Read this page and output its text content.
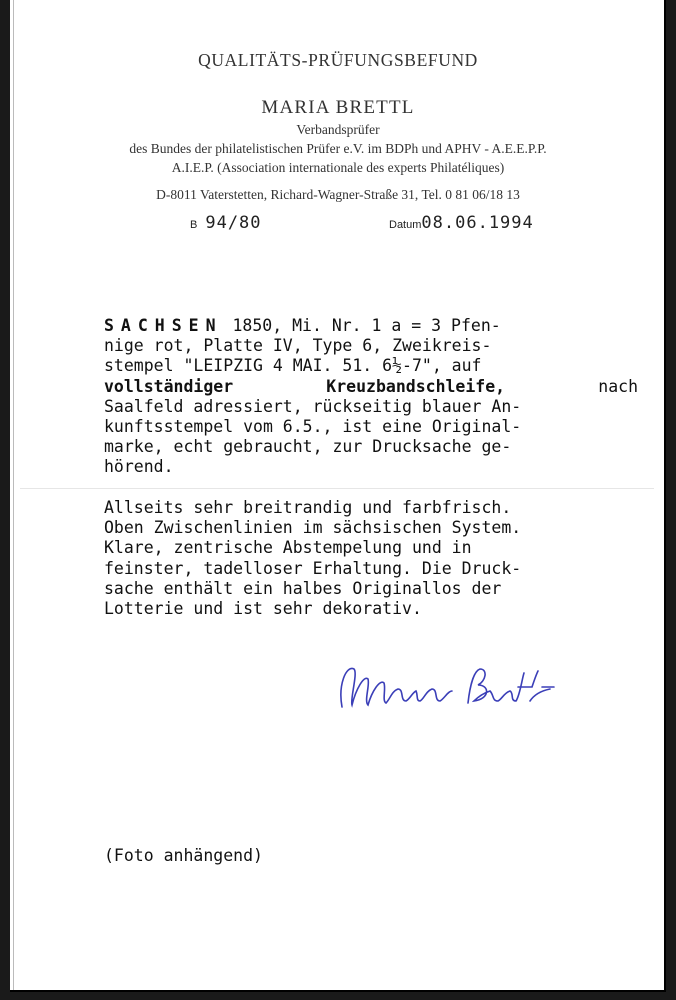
QUALITÄTS-PRÜFUNGSBEFUND
MARIA BRETTL
Verbandsprüfer
des Bundes der philatelistischen Prüfer e.V. im BDPh und APHV - A.E.E.P.P.
A.I.E.P. (Association internationale des experts Philatéliques)
D-8011 Vaterstetten, Richard-Wagner-Straße 31, Tel. 0 81 06/18 13
B 94/80	Datum08.06.1994
SACHSEN 1850, Mi. Nr. 1 a = 3 Pfen-
nige rot, Platte IV, Type 6, Zweikreis-
stempel "LEIPZIG 4 MAI. 51. 6½-7", auf
vollständiger Kreuzbandschleife, nach
Saalfeld adressiert, rückseitig blauer An-
kunftsstempel vom 6.5., ist eine Original-
marke, echt gebraucht, zur Drucksache ge-
hörend.
Allseits sehr breitrandig und farbfrisch.
Oben Zwischenlinien im sächsischen System.
Klare, zentrische Abstempelung und in
feinster, tadelloser Erhaltung. Die Druck-
sache enthält ein halbes Originallos der
Lotterie und ist sehr dekorativ.
(Foto anhängend)
